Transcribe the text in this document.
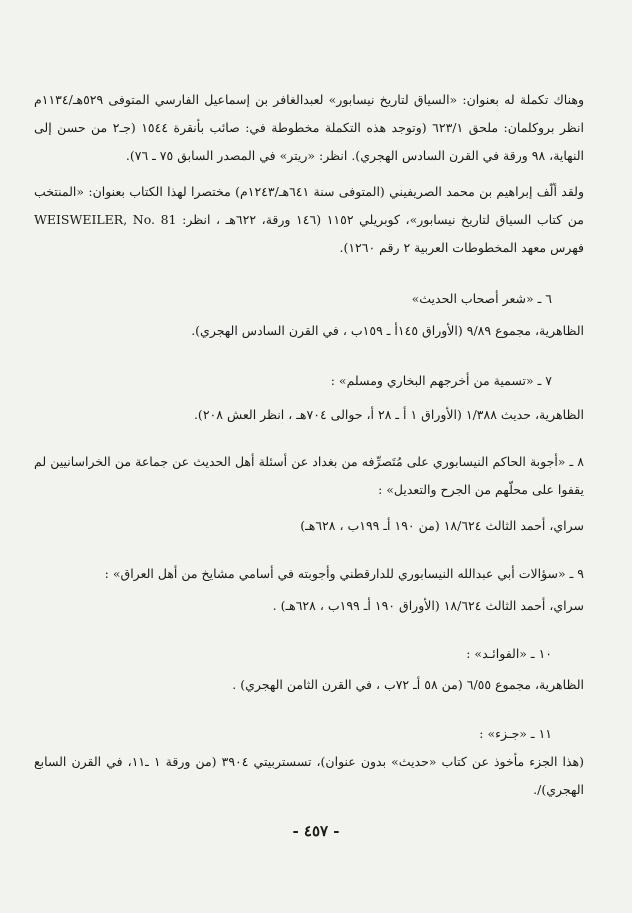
وهناك تكملة له بعنوان: «السياق لتاريخ نيسابور» لعبدالغافر بن إسماعيل الفارسي المتوفى ٥٢٩هـ/١١٣٤م انظر بروكلمان: ملحق ٦٢٣/١ (وتوجد هذه التكملة مخطوطة في: صائب بأنقرة ١٥٤٤ (جـ٢ من حسن إلى النهاية، ٩٨ ورقة في القرن السادس الهجري). انظر: «ريتر» في المصدر السابق ٧٥ ـ ٧٦).
ولقد ألّف إبراهيم بن محمد الصريفيني (المتوفى سنة ٦٤١هـ/١٢٤٣م) مختصرا لهذا الكتاب بعنوان: «المنتخب من كتاب السياق لتاريخ نيسابور»، كوبريلي ١١٥٢ (١٤٦ ورقة، ٦٢٢هـ ، انظر: WEISWEILER, No. 81 فهرس معهد المخطوطات العربية ٢ رقم ١٢٦٠).
٦ ـ «شعر أصحاب الحديث»
الظاهرية، مجموع ٩/٨٩ (الأوراق ١٤٥أ ـ ١٥٩ب ، في القرن السادس الهجري).
٧ ـ «تسمية من أخرجهم البخاري ومسلم» :
الظاهرية، حديث ١/٣٨٨ (الأوراق ١ أ ـ ٢٨ أ، حوالى ٧٠٤هـ ، انظر العش ٢٠٨).
٨ ـ «أجوبة الحاكم النيسابوري على مُتَصرِّفه من بغداد عن أسئلة أهل الحديث عن جماعة من الخراسانيين لم يقفوا على محلّهم من الجرح والتعديل» :
سراي، أحمد الثالث ١٨/٦٢٤ (من ١٩٠ أـ ١٩٩ب ، ٦٢٨هـ)
٩ ـ «سؤالات أبي عبدالله النيسابوري للدارقطني وأجوبته في أسامي مشايخ من أهل العراق» :
سراي، أحمد الثالث ١٨/٦٢٤ (الأوراق ١٩٠ أـ ١٩٩ب ، ٦٢٨هـ) .
١٠ ـ «الفوائـد» :
الظاهرية، مجموع ٦/٥٥ (من ٥٨ أـ ٧٢ب ، في القرن الثامن الهجري) .
١١ ـ «جـزء» :
(هذا الجزء مأخوذ عن كتاب «حديث» بدون عنوان)، تسستربيتي ٣٩٠٤ (من ورقة ١ ـ١١، في القرن السابع الهجري)/.
- ٤٥٧ -
